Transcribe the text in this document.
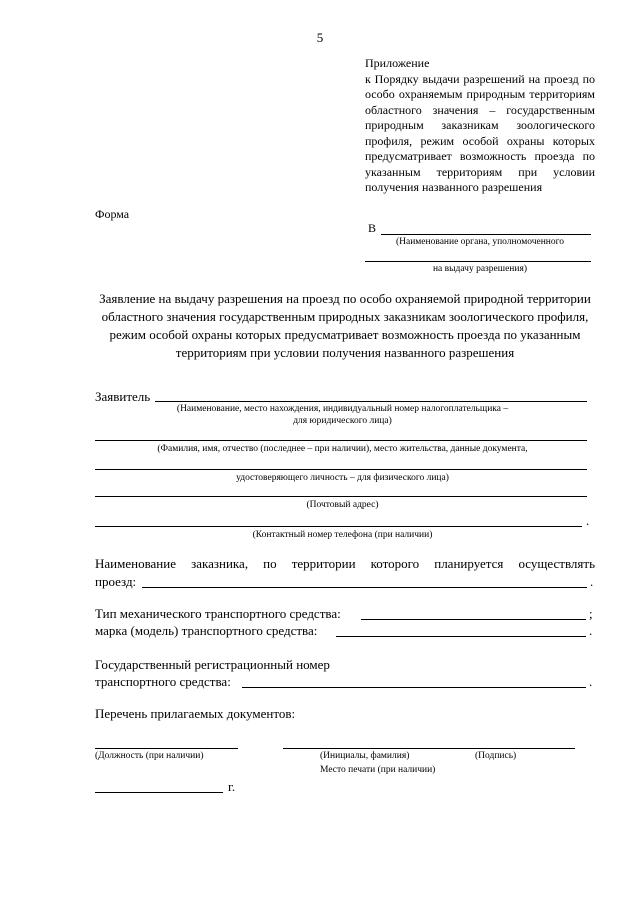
5
Приложение
к Порядку выдачи разрешений на проезд по особо охраняемым природным территориям областного значения – государственным природным заказникам зоологического профиля, режим особой охраны которых предусматривает возможность проезда по указанным территориям при условии получения названного разрешения
Форма
В
(Наименование органа, уполномоченного
на выдачу разрешения)
Заявление на выдачу разрешения на проезд по особо охраняемой природной территории областного значения государственным природных заказникам зоологического профиля, режим особой охраны которых предусматривает возможность проезда по указанным территориям при условии получения названного разрешения
Заявитель
(Наименование, место нахождения, индивидуальный номер налогоплательщика –
для юридического лица)
(Фамилия, имя, отчество (последнее – при наличии), место жительства, данные документа,
удостоверяющего личность – для физического лица)
(Почтовый адрес)
.
(Контактный номер телефона (при наличии)
Наименование заказника, по территории которого планируется осуществлять
проезд:	.
Тип механического транспортного средства:	;
марка (модель) транспортного средства:	.
Государственный регистрационный номер
транспортного средства:	.
Перечень прилагаемых документов:
(Должность (при наличии)	(Инициалы, фамилия)	(Подпись)
Место печати (при наличии)
г.
